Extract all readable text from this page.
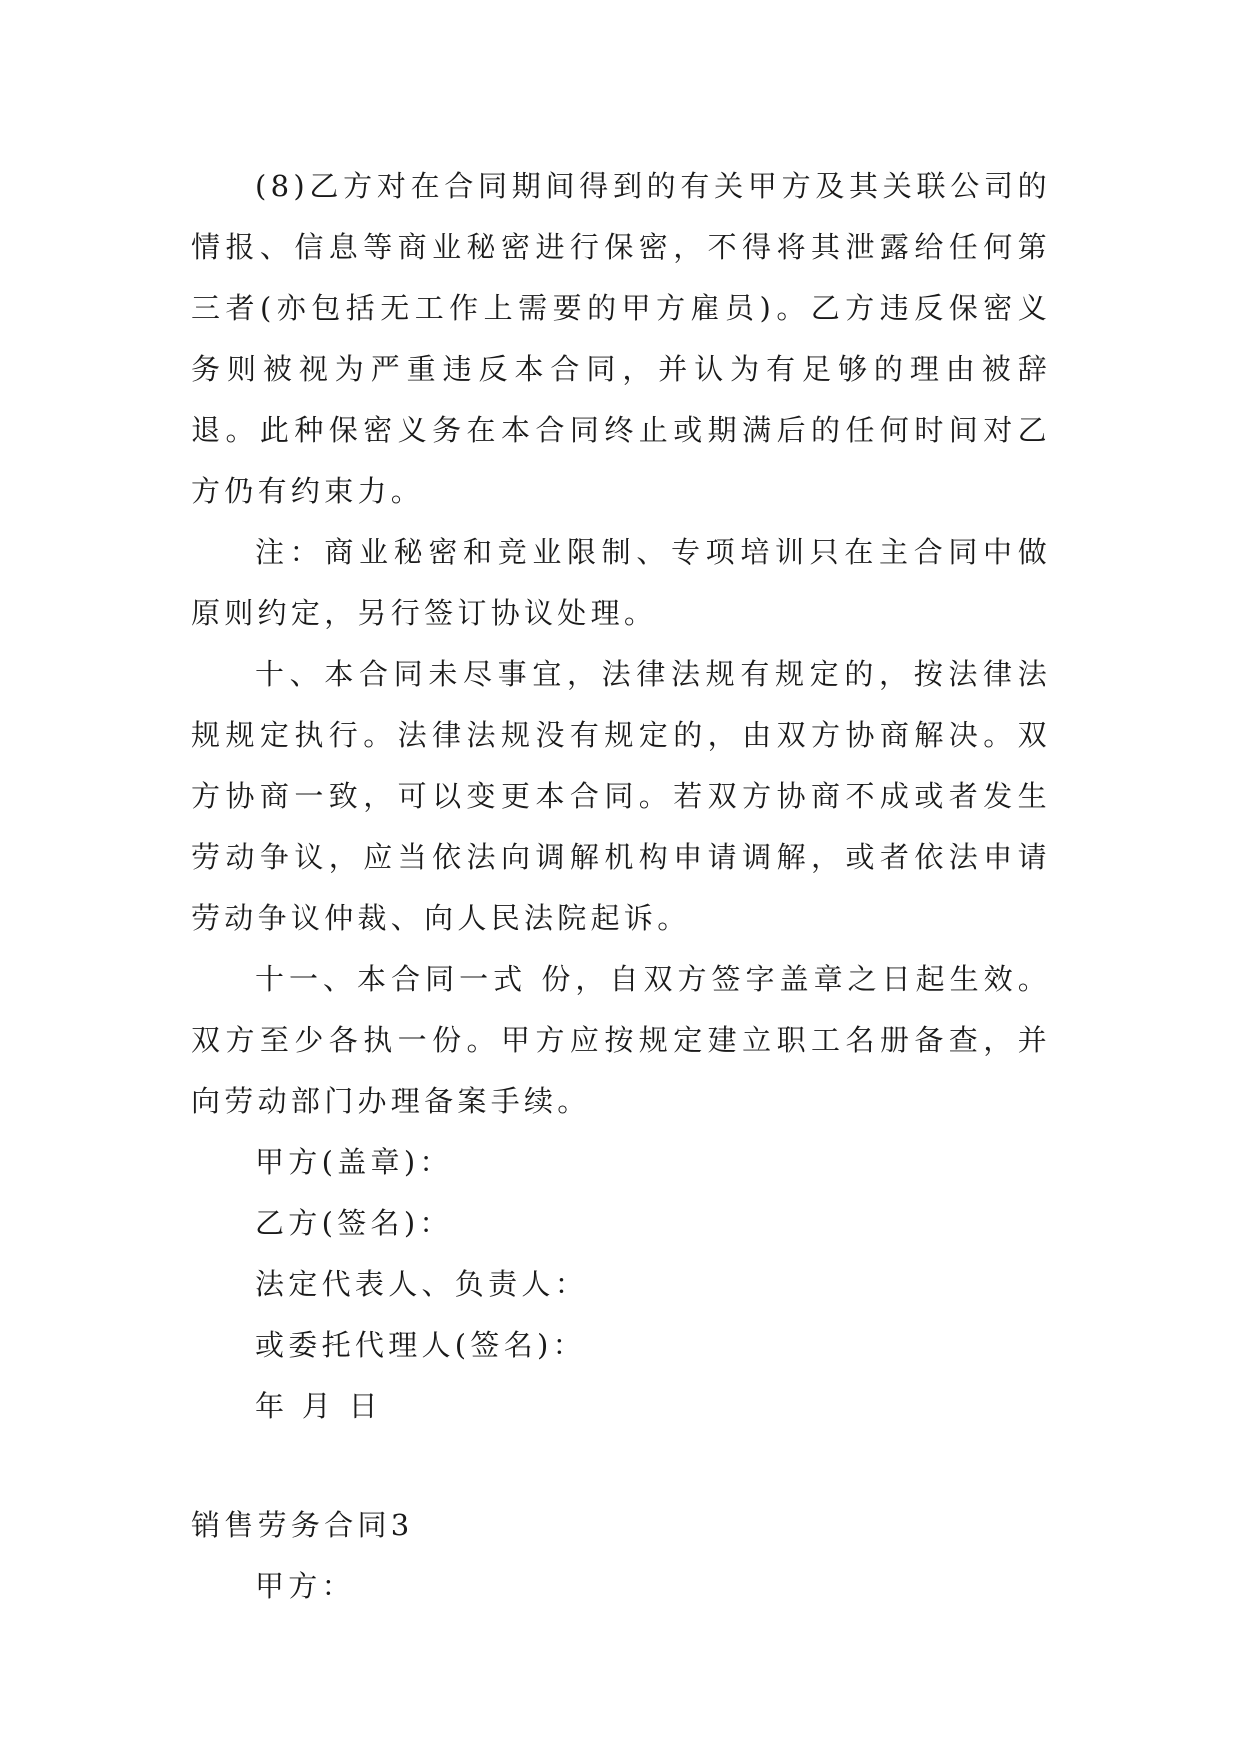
(8)乙方对在合同期间得到的有关甲方及其关联公司的情报、信息等商业秘密进行保密，不得将其泄露给任何第三者(亦包括无工作上需要的甲方雇员)。乙方违反保密义务则被视为严重违反本合同，并认为有足够的理由被辞退。此种保密义务在本合同终止或期满后的任何时间对乙方仍有约束力。

注：商业秘密和竞业限制、专项培训只在主合同中做原则约定，另行签订协议处理。

十、本合同未尽事宜，法律法规有规定的，按法律法规规定执行。法律法规没有规定的，由双方协商解决。双方协商一致，可以变更本合同。若双方协商不成或者发生劳动争议，应当依法向调解机构申请调解，或者依法申请劳动争议仲裁、向人民法院起诉。

十一、本合同一式 份，自双方签字盖章之日起生效。双方至少各执一份。甲方应按规定建立职工名册备查，并向劳动部门办理备案手续。

甲方(盖章)：

乙方(签名)：

法定代表人、负责人：

或委托代理人(签名)：

年 月 日

销售劳务合同3

甲方：
